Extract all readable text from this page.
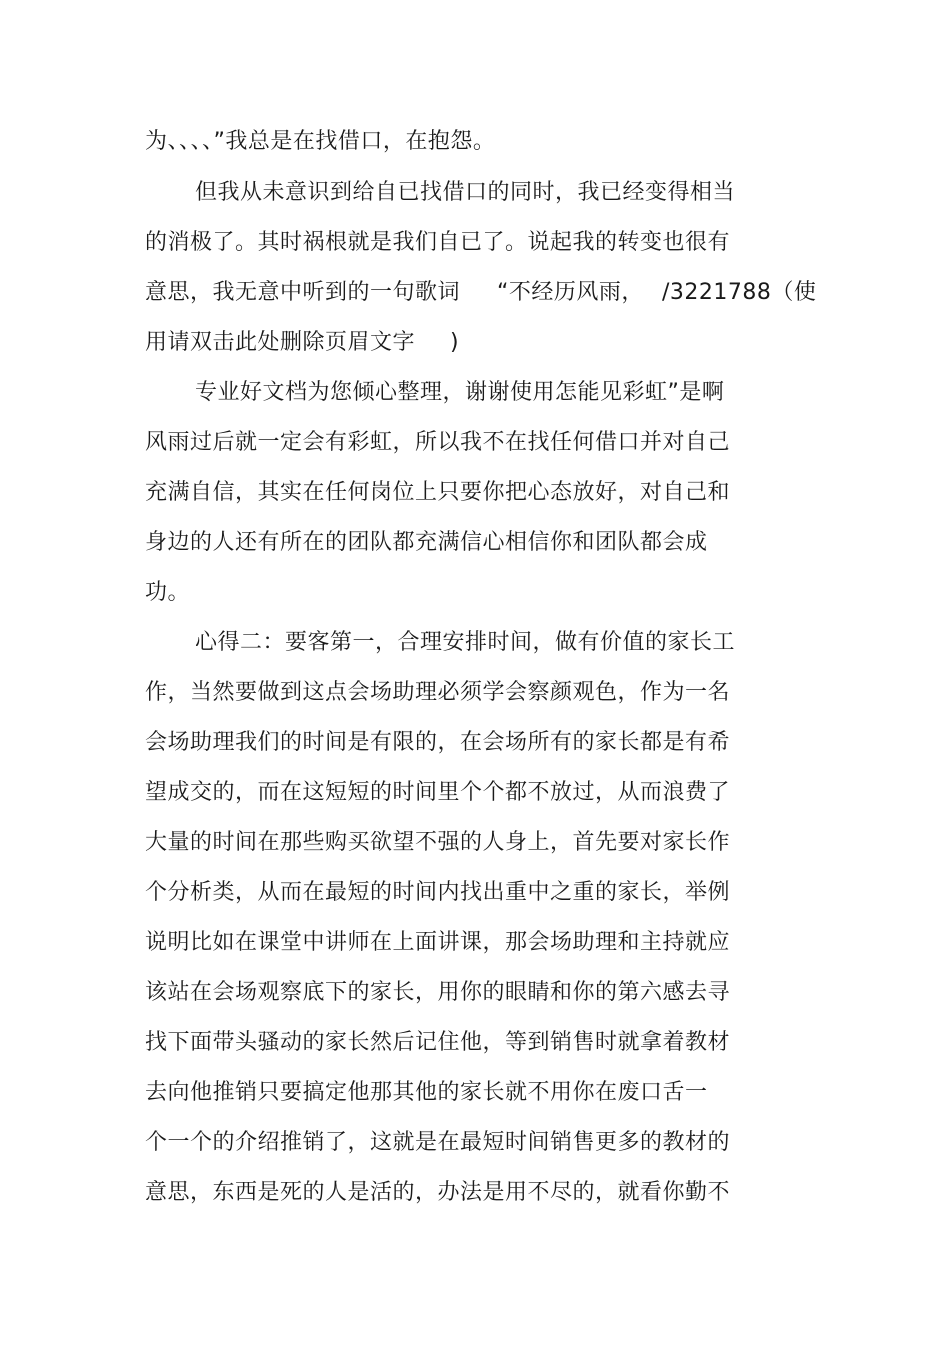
为、、、、”我总是在找借口，在抱怨。
但我从未意识到给自已找借口的同时，我已经变得相当
的消极了。其时祸根就是我们自已了。说起我的转变也很有
意思，我无意中听到的一句歌词 “不经历风雨， /3221788（使
用请双击此处删除页眉文字 )
专业好文档为您倾心整理，谢谢使用怎能见彩虹”是啊
风雨过后就一定会有彩虹，所以我不在找任何借口并对自己
充满自信，其实在任何岗位上只要你把心态放好，对自己和
身边的人还有所在的团队都充满信心相信你和团队都会成
功。
心得二：要客第一，合理安排时间，做有价值的家长工
作，当然要做到这点会场助理必须学会察颜观色，作为一名
会场助理我们的时间是有限的，在会场所有的家长都是有希
望成交的，而在这短短的时间里个个都不放过，从而浪费了
大量的时间在那些购买欲望不强的人身上，首先要对家长作
个分析类，从而在最短的时间内找出重中之重的家长，举例
说明比如在课堂中讲师在上面讲课，那会场助理和主持就应
该站在会场观察底下的家长，用你的眼睛和你的第六感去寻
找下面带头骚动的家长然后记住他，等到销售时就拿着教材
去向他推销只要搞定他那其他的家长就不用你在废口舌一
个一个的介绍推销了，这就是在最短时间销售更多的教材的
意思，东西是死的人是活的，办法是用不尽的，就看你勤不
